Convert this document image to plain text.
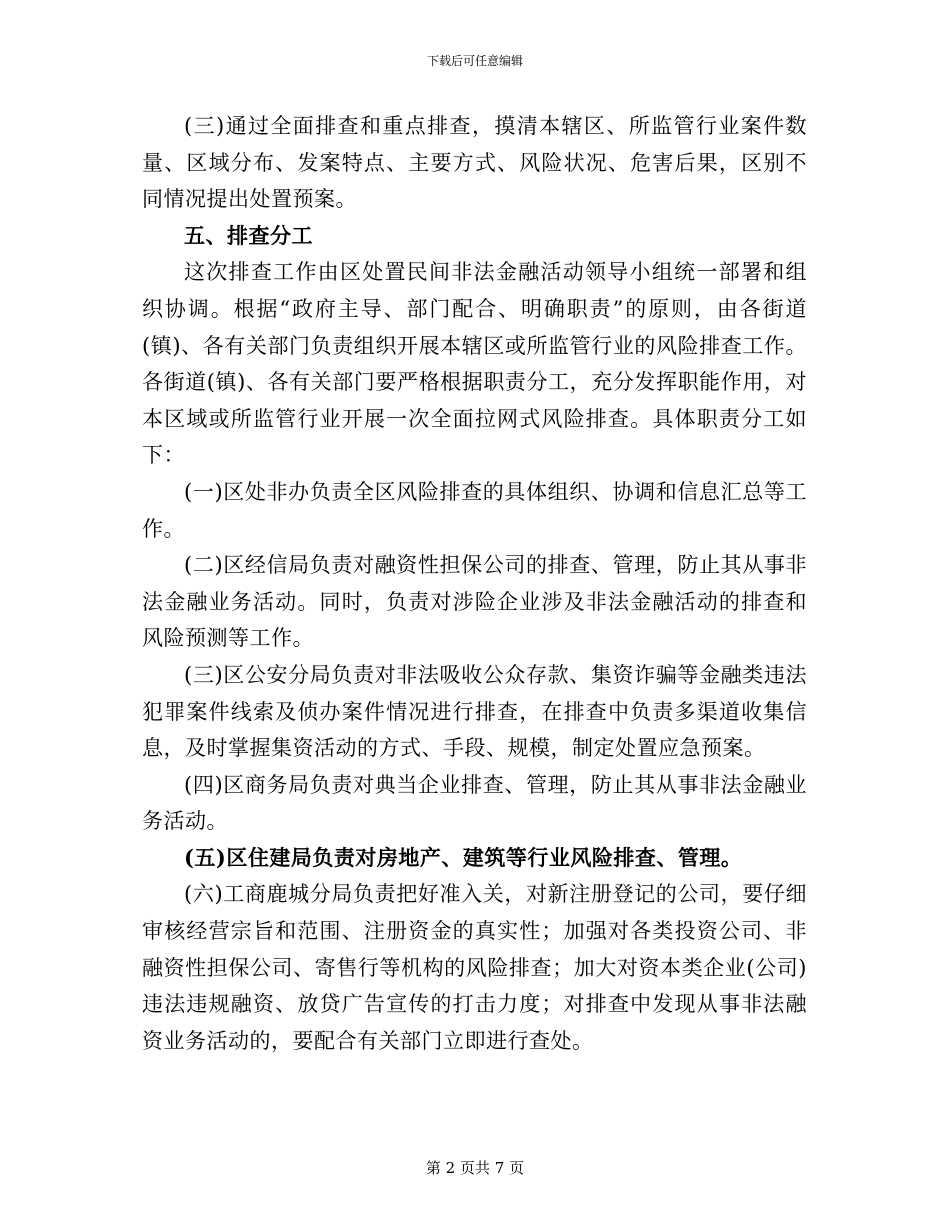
下载后可任意编辑

(三)通过全面排查和重点排查，摸清本辖区、所监管行业案件数量、区域分布、发案特点、主要方式、风险状况、危害后果，区别不同情况提出处置预案。

五、排查分工

这次排查工作由区处置民间非法金融活动领导小组统一部署和组织协调。根据“政府主导、部门配合、明确职责”的原则，由各街道(镇)、各有关部门负责组织开展本辖区或所监管行业的风险排查工作。各街道(镇)、各有关部门要严格根据职责分工，充分发挥职能作用，对本区域或所监管行业开展一次全面拉网式风险排查。具体职责分工如下：

(一)区处非办负责全区风险排查的具体组织、协调和信息汇总等工作。

(二)区经信局负责对融资性担保公司的排查、管理，防止其从事非法金融业务活动。同时，负责对涉险企业涉及非法金融活动的排查和风险预测等工作。

(三)区公安分局负责对非法吸收公众存款、集资诈骗等金融类违法犯罪案件线索及侦办案件情况进行排查，在排查中负责多渠道收集信息，及时掌握集资活动的方式、手段、规模，制定处置应急预案。

(四)区商务局负责对典当企业排查、管理，防止其从事非法金融业务活动。

(五)区住建局负责对房地产、建筑等行业风险排查、管理。

(六)工商鹿城分局负责把好准入关，对新注册登记的公司，要仔细审核经营宗旨和范围、注册资金的真实性；加强对各类投资公司、非融资性担保公司、寄售行等机构的风险排查；加大对资本类企业(公司)违法违规融资、放贷广告宣传的打击力度；对排查中发现从事非法融资业务活动的，要配合有关部门立即进行查处。

第 2 页共 7 页
